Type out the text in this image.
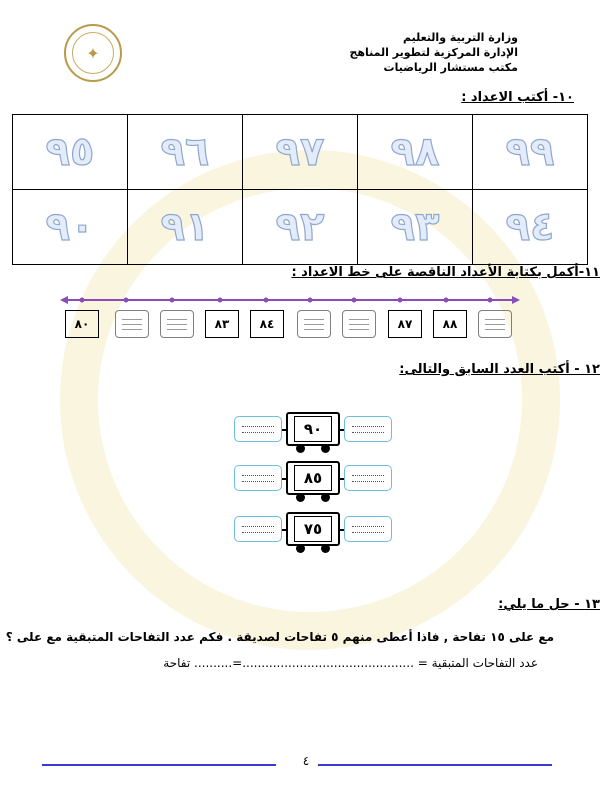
✦
وزارة التربية والتعليم
الإدارة المركزية لتطوير المناهج
مكتب مستشار الرياضيات
١٠- أكتب الاعداد :
٩٥	٩٦	٩٧	٩٨	٩٩
٩٠	٩١	٩٢	٩٣	٩٤
١١-أكمل بكتابة الأعداد الناقصة على خط الاعداد :
٨٠	٨٣	٨٤	٨٧	٨٨
١٢ - أكتب العدد السابق والتالى:
٩٠
٨٥
٧٥
١٣ - حل ما يلي:
مع على ١٥ تفاحة , فاذا أعطى منهم ٥ تفاحات لصديقة . فكم عدد التفاحات المتبقية مع على ؟
عدد التفاحات المتبقية = .............................................=.......... تفاحة
٤
